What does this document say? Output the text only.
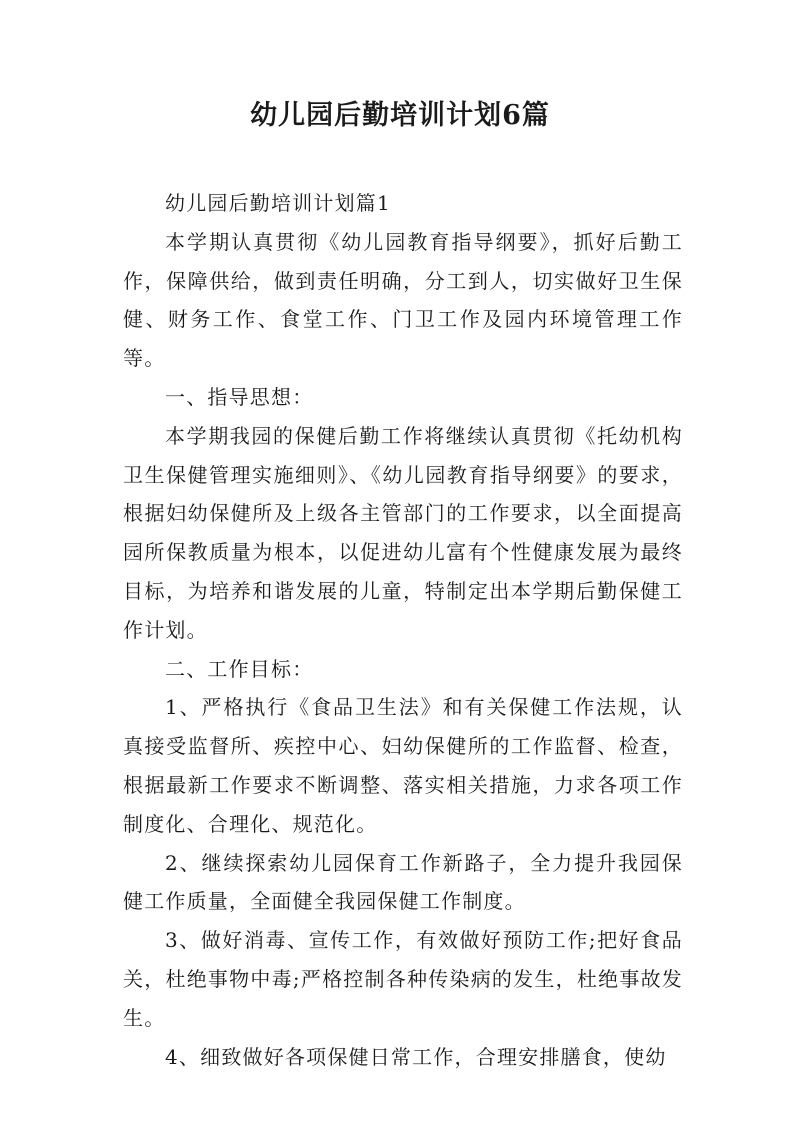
幼儿园后勤培训计划6篇

幼儿园后勤培训计划篇1

本学期认真贯彻《幼儿园教育指导纲要》，抓好后勤工作，保障供给，做到责任明确，分工到人，切实做好卫生保健、财务工作、食堂工作、门卫工作及园内环境管理工作等。

一、指导思想：

本学期我园的保健后勤工作将继续认真贯彻《托幼机构卫生保健管理实施细则》、《幼儿园教育指导纲要》的要求，根据妇幼保健所及上级各主管部门的工作要求，以全面提高园所保教质量为根本，以促进幼儿富有个性健康发展为最终目标，为培养和谐发展的儿童，特制定出本学期后勤保健工作计划。

二、工作目标：

1、严格执行《食品卫生法》和有关保健工作法规，认真接受监督所、疾控中心、妇幼保健所的工作监督、检查，根据最新工作要求不断调整、落实相关措施，力求各项工作制度化、合理化、规范化。

2、继续探索幼儿园保育工作新路子，全力提升我园保健工作质量，全面健全我园保健工作制度。

3、做好消毒、宣传工作，有效做好预防工作;把好食品关，杜绝事物中毒;严格控制各种传染病的发生，杜绝事故发生。

4、细致做好各项保健日常工作，合理安排膳食，使幼
